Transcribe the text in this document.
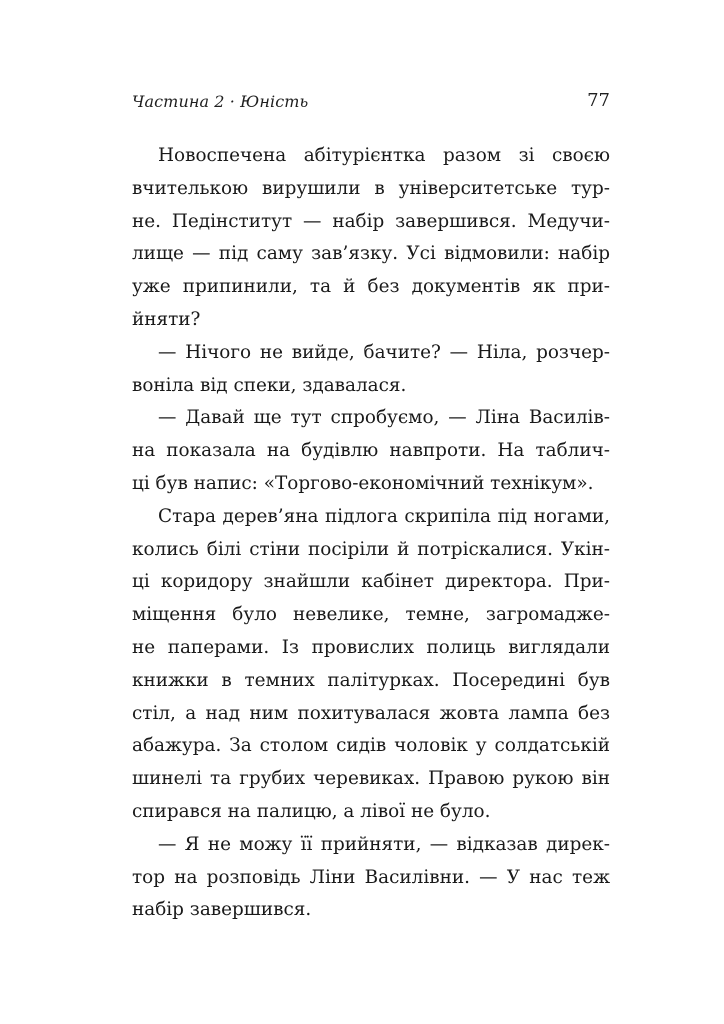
Частина 2 · Юність	77
Новоспечена абітурієнтка разом зі своєю
вчителькою вирушили в університетське тур-
не. Педінститут — набір завершився. Медучи-
лище — під саму зав’язку. Усі відмовили: набір
уже припинили, та й без документів як при-
йняти?
— Нічого не вийде, бачите? — Ніла, розчер-
воніла від спеки, здавалася.
— Давай ще тут спробуємо, — Ліна Василів-
на показала на будівлю навпроти. На таблич-
ці був напис: «Торгово-економічний технікум».
Стара дерев’яна підлога скрипіла під ногами,
колись білі стіни посіріли й потріскалися. Укін-
ці коридору знайшли кабінет директора. При-
міщення було невелике, темне, загромадже-
не паперами. Із провислих полиць виглядали
книжки в темних палітурках. Посередині був
стіл, а над ним похитувалася жовта лампа без
абажура. За столом сидів чоловік у солдатській
шинелі та грубих черевиках. Правою рукою він
спирався на палицю, а лівої не було.
— Я не можу її прийняти, — відказав дирек-
тор на розповідь Ліни Василівни. — У нас теж
набір завершився.
